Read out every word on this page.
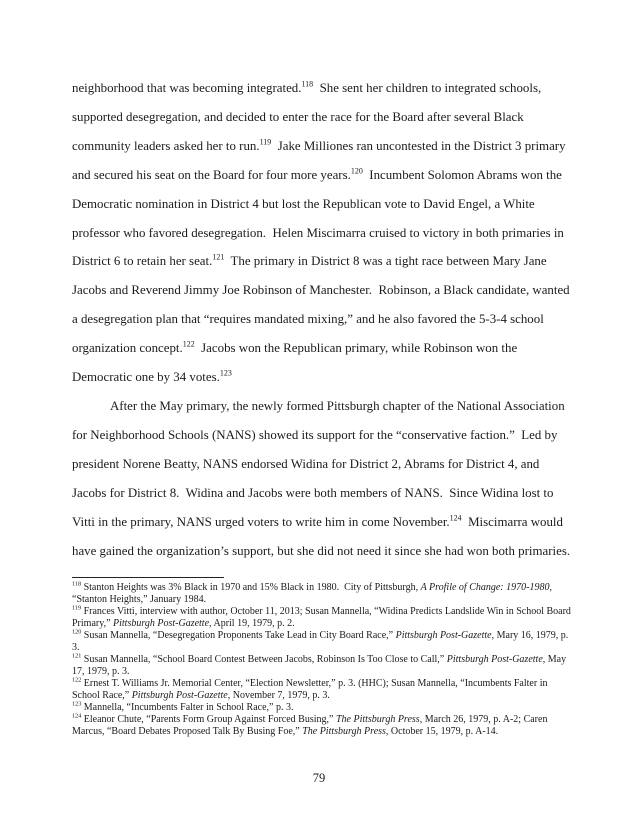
neighborhood that was becoming integrated.$^{118}$  She sent her children to integrated schools,
supported desegregation, and decided to enter the race for the Board after several Black
community leaders asked her to run.$^{119}$  Jake Milliones ran uncontested in the District 3 primary
and secured his seat on the Board for four more years.$^{120}$  Incumbent Solomon Abrams won the
Democratic nomination in District 4 but lost the Republican vote to David Engel, a White
professor who favored desegregation.  Helen Miscimarra cruised to victory in both primaries in
District 6 to retain her seat.$^{121}$  The primary in District 8 was a tight race between Mary Jane
Jacobs and Reverend Jimmy Joe Robinson of Manchester.  Robinson, a Black candidate, wanted
a desegregation plan that “requires mandated mixing,” and he also favored the 5-3-4 school
organization concept.$^{122}$  Jacobs won the Republican primary, while Robinson won the
Democratic one by 34 votes.$^{123}$
After the May primary, the newly formed Pittsburgh chapter of the National Association
for Neighborhood Schools (NANS) showed its support for the “conservative faction.”  Led by
president Norene Beatty, NANS endorsed Widina for District 2, Abrams for District 4, and
Jacobs for District 8.  Widina and Jacobs were both members of NANS.  Since Widina lost to
Vitti in the primary, NANS urged voters to write him in come November.$^{124}$  Miscimarra would
have gained the organization’s support, but she did not need it since she had won both primaries.
$^{118}$ Stanton Heights was 3% Black in 1970 and 15% Black in 1980.  City of Pittsburgh, A Profile of Change: 1970-1980, “Stanton Heights,” January 1984.
$^{119}$ Frances Vitti, interview with author, October 11, 2013; Susan Mannella, “Widina Predicts Landslide Win in School Board Primary,” Pittsburgh Post-Gazette, April 19, 1979, p. 2.
$^{120}$ Susan Mannella, “Desegregation Proponents Take Lead in City Board Race,” Pittsburgh Post-Gazette, Mary 16, 1979, p. 3.
$^{121}$ Susan Mannella, “School Board Contest Between Jacobs, Robinson Is Too Close to Call,” Pittsburgh Post-Gazette, May 17, 1979, p. 3.
$^{122}$ Ernest T. Williams Jr. Memorial Center, “Election Newsletter,” p. 3. (HHC); Susan Mannella, “Incumbents Falter in School Race,” Pittsburgh Post-Gazette, November 7, 1979, p. 3.
$^{123}$ Mannella, “Incumbents Falter in School Race,” p. 3.
$^{124}$ Eleanor Chute, “Parents Form Group Against Forced Busing,” The Pittsburgh Press, March 26, 1979, p. A-2; Caren Marcus, “Board Debates Proposed Talk By Busing Foe,” The Pittsburgh Press, October 15, 1979, p. A-14.
79
